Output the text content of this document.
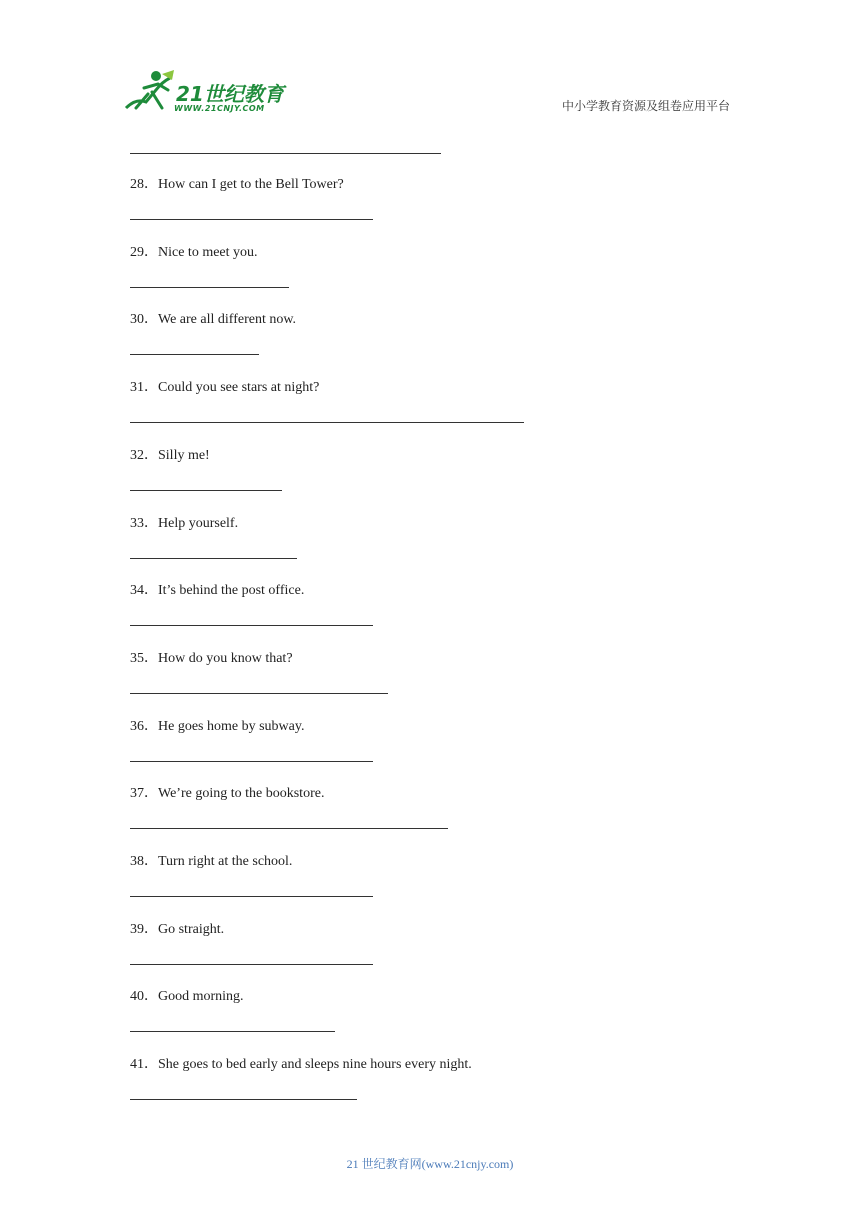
21世纪教育
WWW.21CNJY.COM	中小学教育资源及组卷应用平台
28．How can I get to the Bell Tower?
29．Nice to meet you.
30．We are all different now.
31．Could you see stars at night?
32．Silly me!
33．Help yourself.
34．It’s behind the post office.
35．How do you know that?
36．He goes home by subway.
37．We’re going to the bookstore.
38．Turn right at the school.
39．Go straight.
40．Good morning.
41．She goes to bed early and sleeps nine hours every night.
21 世纪教育网(www.21cnjy.com)
